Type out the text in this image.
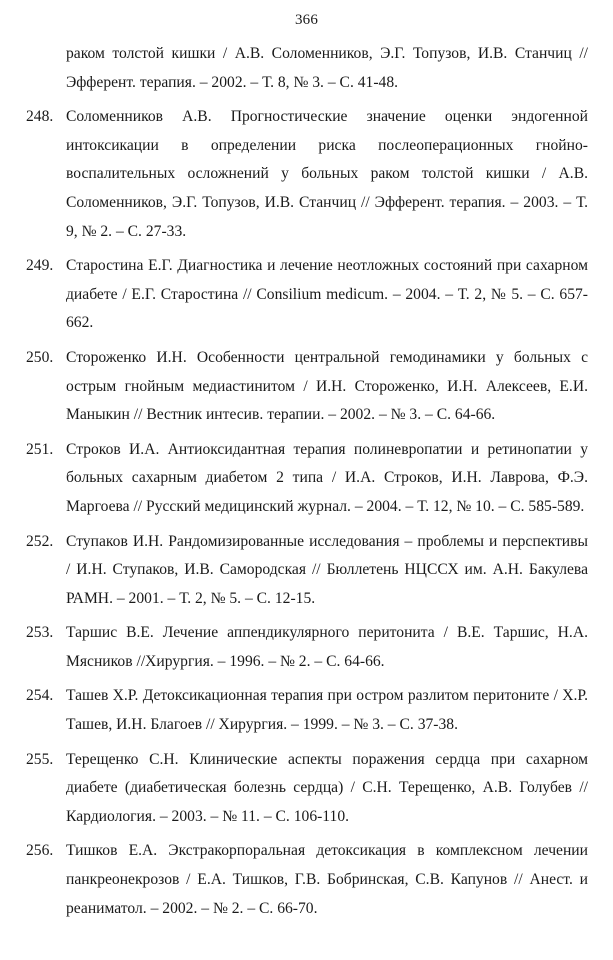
366
раком толстой кишки / А.В. Соломенников, Э.Г. Топузов, И.В. Станчиц // Эфферент. терапия. – 2002. – Т. 8, № 3. – С. 41-48.
248. Соломенников А.В. Прогностические значение оценки эндогенной интоксикации в определении риска послеоперационных гнойно-воспалительных осложнений у больных раком толстой кишки / А.В. Соломенников, Э.Г. Топузов, И.В. Станчиц // Эфферент. терапия. – 2003. – Т. 9, № 2. – С. 27-33.
249. Старостина Е.Г. Диагностика и лечение неотложных состояний при сахарном диабете / Е.Г. Старостина // Consilium medicum. – 2004. – Т. 2, № 5. – С. 657-662.
250. Стороженко И.Н. Особенности центральной гемодинамики у больных с острым гнойным медиастинитом / И.Н. Стороженко, И.Н. Алексеев, Е.И. Маныкин // Вестник интесив. терапии. – 2002. – № 3. – С. 64-66.
251. Строков И.А. Антиоксидантная терапия полиневропатии и ретинопатии у больных сахарным диабетом 2 типа / И.А. Строков, И.Н. Лаврова, Ф.Э. Маргоева // Русский медицинский журнал. – 2004. – Т. 12, № 10. – С. 585-589.
252. Ступаков И.Н. Рандомизированные исследования – проблемы и перспективы / И.Н. Ступаков, И.В. Самородская // Бюллетень НЦССХ им. А.Н. Бакулева РАМН. – 2001. – Т. 2, № 5. – С. 12-15.
253. Таршис В.Е. Лечение аппендикулярного перитонита / В.Е. Таршис, Н.А. Мясников //Хирургия. – 1996. – № 2. – С. 64-66.
254. Ташев Х.Р. Детоксикационная терапия при остром разлитом перитоните / Х.Р. Ташев, И.Н. Благоев // Хирургия. – 1999. – № 3. – С. 37-38.
255. Терещенко С.Н. Клинические аспекты поражения сердца при сахарном диабете (диабетическая болезнь сердца) / С.Н. Терещенко, А.В. Голубев // Кардиология. – 2003. – № 11. – С. 106-110.
256. Тишков Е.А. Экстракорпоральная детоксикация в комплексном лечении панкреонекрозов / Е.А. Тишков, Г.В. Бобринская, С.В. Капунов // Анест. и реаниматол. – 2002. – № 2. – С. 66-70.
